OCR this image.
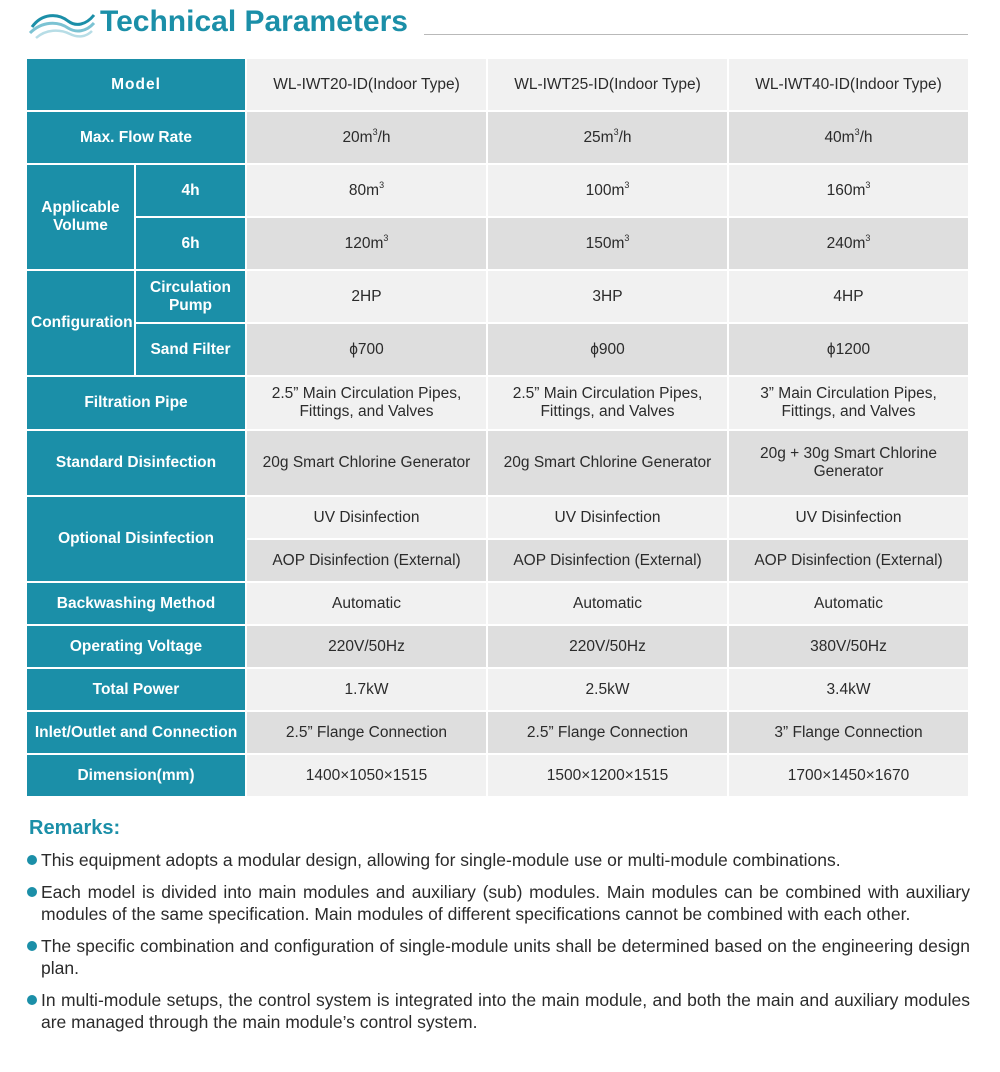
Technical Parameters
Model		WL-IWT20-ID(Indoor Type)	WL-IWT25-ID(Indoor Type)	WL-IWT40-ID(Indoor Type)
Max. Flow Rate		$20m^3/h$	$25m^3/h$	$40m^3/h$
Applicable Volume	4h	$80m^3$	$100m^3$	$160m^3$
	6h	$120m^3$	$150m^3$	$240m^3$
Configuration	Circulation Pump	2HP	3HP	4HP
	Sand Filter	ϕ700	ϕ900	ϕ1200
Filtration Pipe		2.5” Main Circulation Pipes, Fittings, and Valves	2.5” Main Circulation Pipes, Fittings, and Valves	3” Main Circulation Pipes, Fittings, and Valves
Standard Disinfection		20g Smart Chlorine Generator	20g Smart Chlorine Generator	20g + 30g Smart Chlorine Generator
Optional Disinfection		UV Disinfection	UV Disinfection	UV Disinfection
		AOP Disinfection (External)	AOP Disinfection (External)	AOP Disinfection (External)
Backwashing Method		Automatic	Automatic	Automatic
Operating Voltage		220V/50Hz	220V/50Hz	380V/50Hz
Total Power		1.7kW	2.5kW	3.4kW
Inlet/Outlet and Connection		2.5” Flange Connection	2.5” Flange Connection	3” Flange Connection
Dimension(mm)		1400×1050×1515	1500×1200×1515	1700×1450×1670
Remarks:
This equipment adopts a modular design, allowing for single-module use or multi-module combinations.
Each model is divided into main modules and auxiliary (sub) modules. Main modules can be combined with auxiliary modules of the same specification. Main modules of different specifications cannot be combined with each other.
The specific combination and configuration of single-module units shall be determined based on the engineering design plan.
In multi-module setups, the control system is integrated into the main module, and both the main and auxiliary modules are managed through the main module’s control system.
